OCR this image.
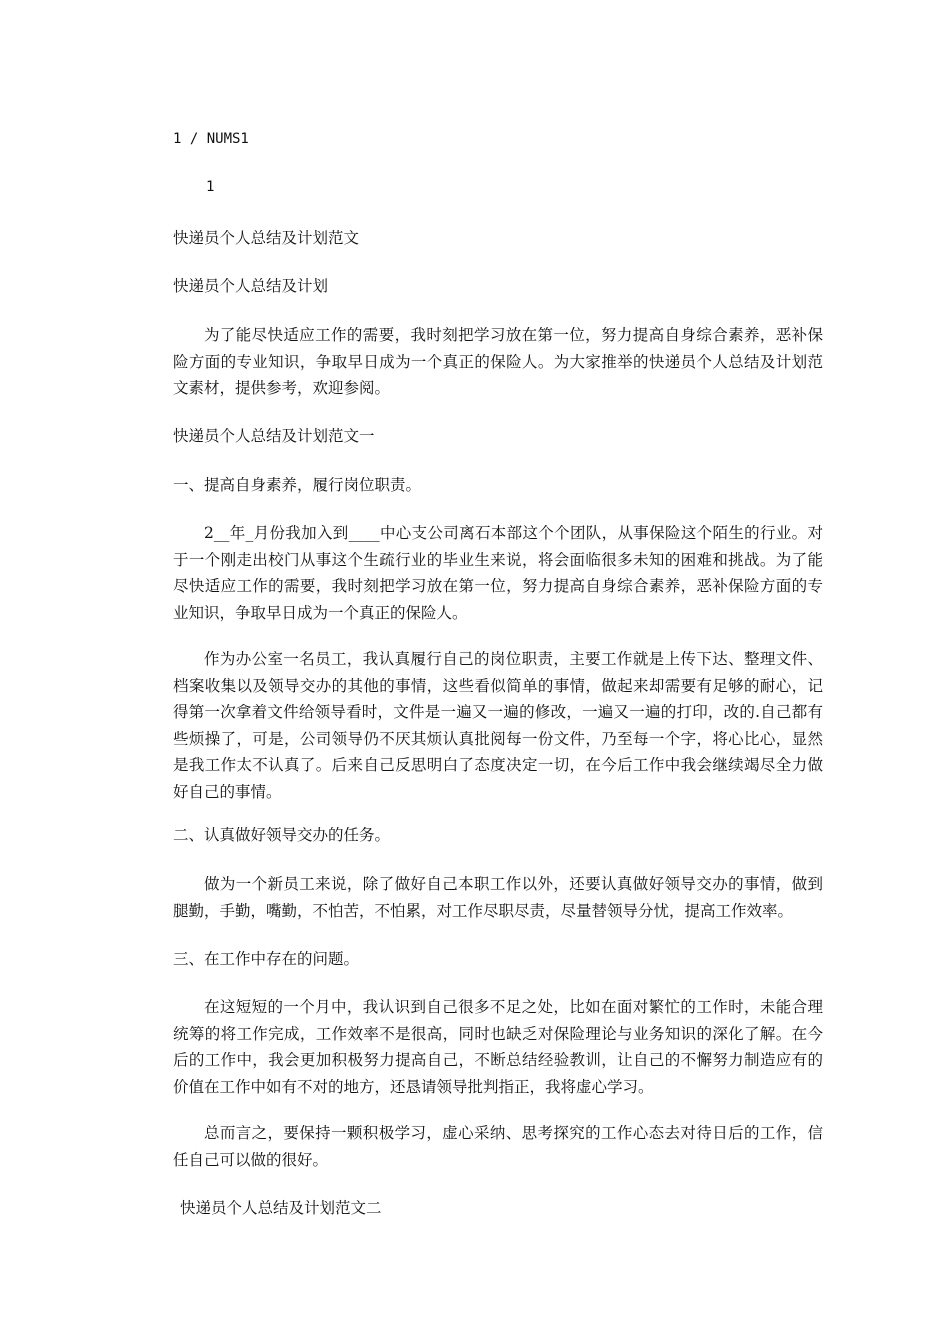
1 / NUMS1

1

快递员个人总结及计划范文

快递员个人总结及计划

为了能尽快适应工作的需要，我时刻把学习放在第一位，努力提高自身综合素养，恶补保险方面的专业知识，争取早日成为一个真正的保险人。为大家推举的快递员个人总结及计划范文素材，提供参考，欢迎参阅。

快递员个人总结及计划范文一

一、提高自身素养，履行岗位职责。

2__年_月份我加入到____中心支公司离石本部这个个团队，从事保险这个陌生的行业。对于一个刚走出校门从事这个生疏行业的毕业生来说，将会面临很多未知的困难和挑战。为了能尽快适应工作的需要，我时刻把学习放在第一位，努力提高自身综合素养，恶补保险方面的专业知识，争取早日成为一个真正的保险人。

作为办公室一名员工，我认真履行自己的岗位职责，主要工作就是上传下达、整理文件、档案收集以及领导交办的其他的事情，这些看似简单的事情，做起来却需要有足够的耐心，记得第一次拿着文件给领导看时，文件是一遍又一遍的修改，一遍又一遍的打印，改的.自己都有些烦操了，可是，公司领导仍不厌其烦认真批阅每一份文件，乃至每一个字，将心比心，显然是我工作太不认真了。后来自己反思明白了态度决定一切，在今后工作中我会继续竭尽全力做好自己的事情。

二、认真做好领导交办的任务。

做为一个新员工来说，除了做好自己本职工作以外，还要认真做好领导交办的事情，做到腿勤，手勤，嘴勤，不怕苦，不怕累，对工作尽职尽责，尽量替领导分忧，提高工作效率。

三、在工作中存在的问题。

在这短短的一个月中，我认识到自己很多不足之处，比如在面对繁忙的工作时，未能合理统筹的将工作完成，工作效率不是很高，同时也缺乏对保险理论与业务知识的深化了解。在今后的工作中，我会更加积极努力提高自己，不断总结经验教训，让自己的不懈努力制造应有的价值在工作中如有不对的地方，还恳请领导批判指正，我将虚心学习。

总而言之，要保持一颗积极学习，虚心采纳、思考探究的工作心态去对待日后的工作，信任自己可以做的很好。

快递员个人总结及计划范文二
